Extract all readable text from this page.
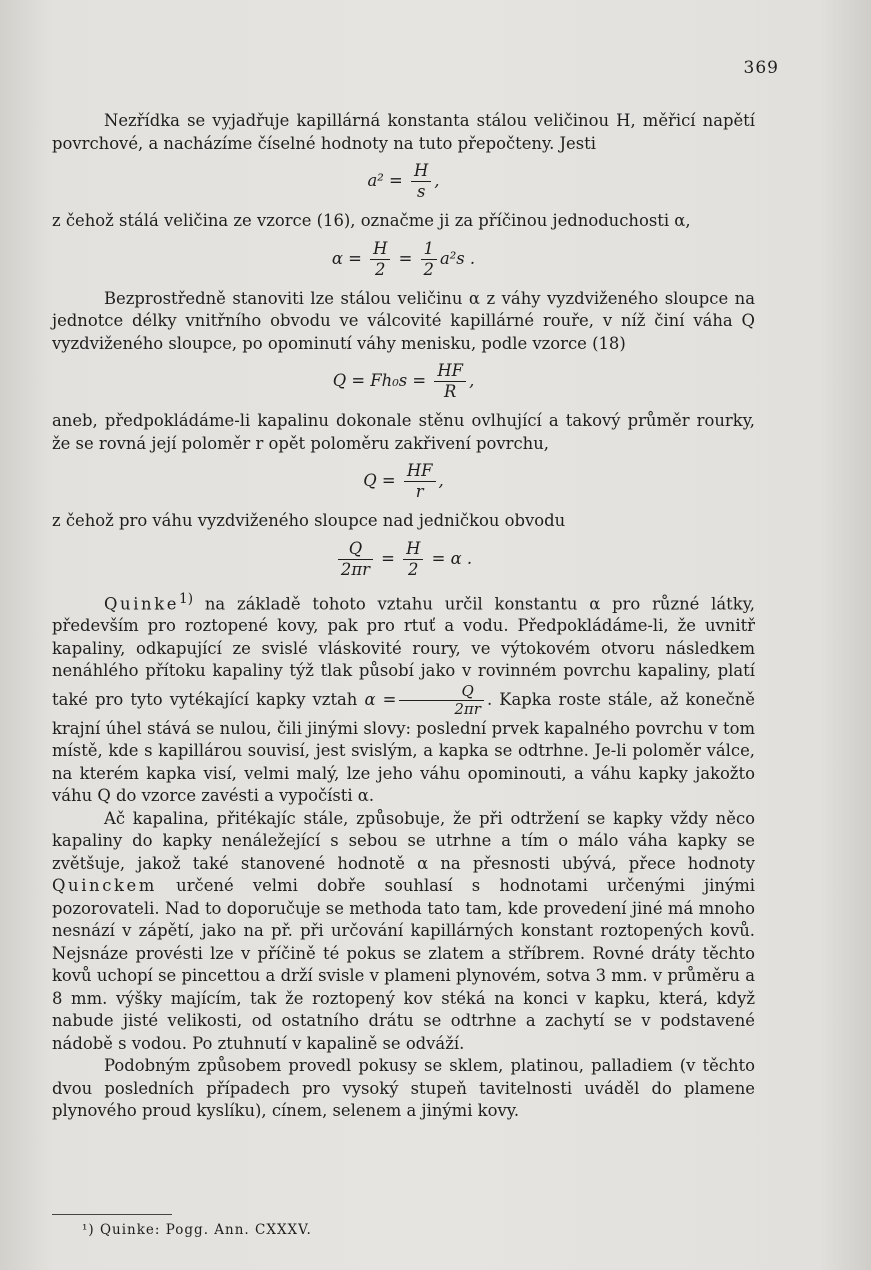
369

Nezřídka se vyjadřuje kapillárná konstanta stálou veličinou H, měřicí napětí povrchové, a nacházíme číselné hodnoty na tuto přepočteny. Jesti

$a^2 = \frac{H}{s}$ ,

z čehož stálá veličina ze vzorce (16), označme ji za příčinou jednoduchosti α,

$\alpha = \frac{H}{2} = \frac{1}{2} a^2s$ .

Bezprostředně stanoviti lze stálou veličinu α z váhy vyzdviženého sloupce na jednotce délky vnitřního obvodu ve válcovité kapillárné rouře, v níž činí váha Q vyzdviženého sloupce, po opominutí váhy menisku, podle vzorce (18)

$Q = Fh_0s = \frac{HF}{R}$ ,

aneb, předpokládáme-li kapalinu dokonale stěnu ovlhující a takový průměr rourky, že se rovná její poloměr r opět poloměru zakřivení povrchu,

$Q = \frac{HF}{r}$ ,

z čehož pro váhu vyzdviženého sloupce nad jedničkou obvodu

$\frac{Q}{2\pi r} = \frac{H}{2} = \alpha$ .

Quinke$^{1)}$ na základě tohoto vztahu určil konstantu α pro různé látky, především pro roztopené kovy, pak pro rtuť a vodu. Předpokládáme-li, že uvnitř kapaliny, odkapující ze svislé vláskovité roury, ve výtokovém otvoru následkem nenáhlého přítoku kapaliny týž tlak působí jako v rovinném povrchu kapaliny, platí také pro tyto vytékající kapky vztah $\alpha = \frac{Q}{2\pi r}$ . Kapka roste stále, až konečně krajní úhel stává se nulou, čili jinými slovy: poslední prvek kapalného povrchu v tom místě, kde s kapillárou souvisí, jest svislým, a kapka se odtrhne. Je-li poloměr válce, na kterém kapka visí, velmi malý, lze jeho váhu opominouti, a váhu kapky jakožto váhu Q do vzorce zavésti a vypočísti α.

Ač kapalina, přitékajíc stále, způsobuje, že při odtržení se kapky vždy něco kapaliny do kapky nenáležející s sebou se utrhne a tím o málo váha kapky se zvětšuje, jakož také stanovené hodnotě α na přesnosti ubývá, přece hodnoty Quinckem určené velmi dobře souhlasí s hodnotami určenými jinými pozorovateli. Nad to doporučuje se methoda tato tam, kde provedení jiné má mnoho nesnází v zápětí, jako na př. při určování kapillárných konstant roztopených kovů. Nejsnáze provésti lze v příčině té pokus se zlatem a stříbrem. Rovné dráty těchto kovů uchopí se pincettou a drží svisle v plameni plynovém, sotva 3 mm. v průměru a 8 mm. výšky majícím, tak že roztopený kov stéká na konci v kapku, která, když nabude jisté velikosti, od ostatního drátu se odtrhne a zachytí se v podstavené nádobě s vodou. Po ztuhnutí v kapalině se odváží.

Podobným způsobem provedl pokusy se sklem, platinou, palladiem (v těchto dvou posledních případech pro vysoký stupeň tavitelnosti uváděl do plamene plynového proud kyslíku), cínem, selenem a jinými kovy.

¹) Quinke: Pogg. Ann. CXXXV.
